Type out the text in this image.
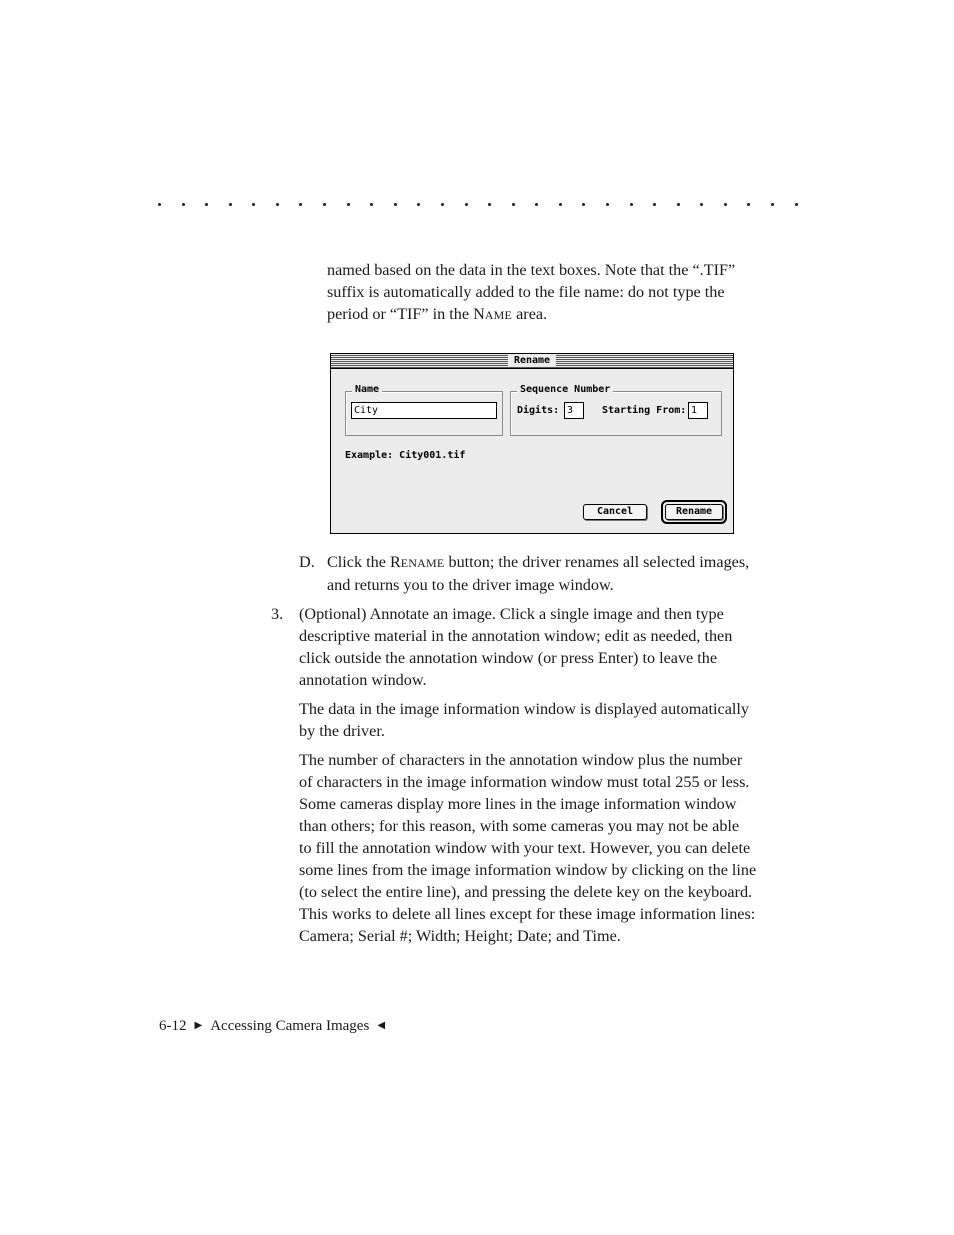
named based on the data in the text boxes. Note that the “.TIF”
suffix is automatically added to the file name: do not type the
period or “TIF” in the NAME area.
Rename
Name
City
Sequence Number
Digits: 3	Starting From: 1
Example: City001.tif
Cancel	Rename
D. Click the RENAME button; the driver renames all selected images,
and returns you to the driver image window.
3. (Optional) Annotate an image. Click a single image and then type
descriptive material in the annotation window; edit as needed, then
click outside the annotation window (or press Enter) to leave the
annotation window.
The data in the image information window is displayed automatically
by the driver.
The number of characters in the annotation window plus the number
of characters in the image information window must total 255 or less.
Some cameras display more lines in the image information window
than others; for this reason, with some cameras you may not be able
to fill the annotation window with your text. However, you can delete
some lines from the image information window by clicking on the line
(to select the entire line), and pressing the delete key on the keyboard.
This works to delete all lines except for these image information lines:
Camera; Serial #; Width; Height; Date; and Time.
6-12 ▶ Accessing Camera Images ◀
